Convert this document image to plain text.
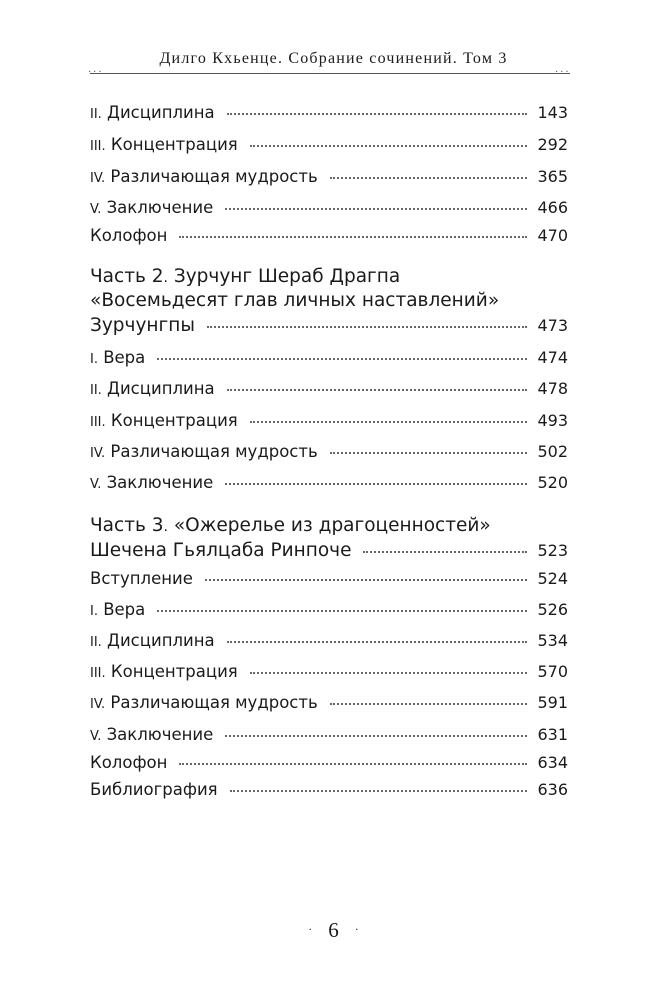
Дилго Кхьенце. Собрание сочинений. Том 3
...	...
II. Дисциплина	143
III. Концентрация	292
IV. Различающая мудрость	365
V. Заключение	466
Колофон	470
Часть 2. Зурчунг Шераб Драгпа
«Восемьдесят глав личных наставлений»
Зурчунгпы	473
I. Вера	474
II. Дисциплина	478
III. Концентрация	493
IV. Различающая мудрость	502
V. Заключение	520
Часть 3. «Ожерелье из драгоценностей»
Шечена Гьялцаба Ринпоче	523
Вступление	524
I. Вера	526
II. Дисциплина	534
III. Концентрация	570
IV. Различающая мудрость	591
V. Заключение	631
Колофон	634
Библиография	636
· 6 ·
